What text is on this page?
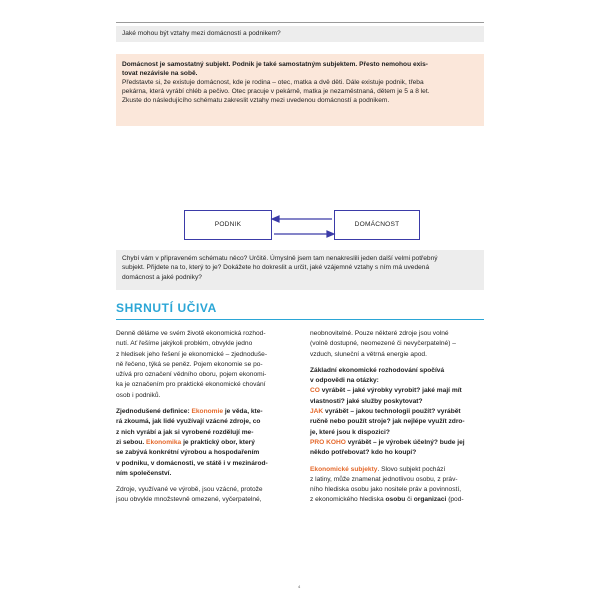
Jaké mohou být vztahy mezi domácností a podnikem?
Domácnost je samostatný subjekt. Podnik je také samostatným subjektem. Přesto nemohou exis-
tovat nezávisle na sobě.
Představte si, že existuje domácnost, kde je rodina – otec, matka a dvě děti. Dále existuje podnik, třeba
pekárna, která vyrábí chléb a pečivo. Otec pracuje v pekárně, matka je nezaměstnaná, dětem je 5 a 8 let.
Zkuste do následujícího schématu zakreslit vztahy mezi uvedenou domácností a podnikem.
PODNIK	DOMÁCNOST
Chybí vám v připraveném schématu něco? Určitě. Úmyslně jsem tam nenakreslili jeden další velmi potřebný
subjekt. Přijdete na to, který to je? Dokážete ho dokreslit a určit, jaké vzájemné vztahy s ním má uvedená
domácnost a jaké podniky?
SHRNUTÍ UČIVA

Denně děláme ve svém životě ekonomická rozhod-
nutí. Ať řešíme jakýkoli problém, obvykle jedno
z hledisek jeho řešení je ekonomické – zjednoduše-
ně řečeno, týká se peněz. Pojem ekonomie se po-
užívá pro označení vědního oboru, pojem ekonomi-
ka je označením pro praktické ekonomické chování
osob i podniků.

Zjednodušené definice: Ekonomie je věda, kte-
rá zkoumá, jak lidé využívají vzácné zdroje, co
z nich vyrábí a jak si vyrobené rozdělují me-
zi sebou. Ekonomika je praktický obor, který
se zabývá konkrétní výrobou a hospodařením
v podniku, v domácnosti, ve státě i v mezinárod-
ním společenství.

Zdroje, využívané ve výrobě, jsou vzácné, protože
jsou obvykle množstevně omezené, vyčerpatelné,

neobnovitelné. Pouze některé zdroje jsou volné
(volně dostupné, neomezené či nevyčerpatelné) –
vzduch, sluneční a větrná energie apod.

Základní ekonomické rozhodování spočívá
v odpovědi na otázky:
CO vyrábět – jaké výrobky vyrobit? jaké mají mít
vlastnosti? jaké služby poskytovat?
JAK vyrábět – jakou technologii použít? vyrábět
ručně nebo použít stroje? jak nejlépe využít zdro-
je, které jsou k dispozici?
PRO KOHO vyrábět – je výrobek účelný? bude jej
někdo potřebovat? kdo ho koupí?

Ekonomické subjekty. Slovo subjekt pochází
z latiny, může znamenat jednotlivou osobu, z práv-
ního hlediska osobu jako nositele práv a povinností,
z ekonomického hlediska osobu či organizaci (pod-

4
